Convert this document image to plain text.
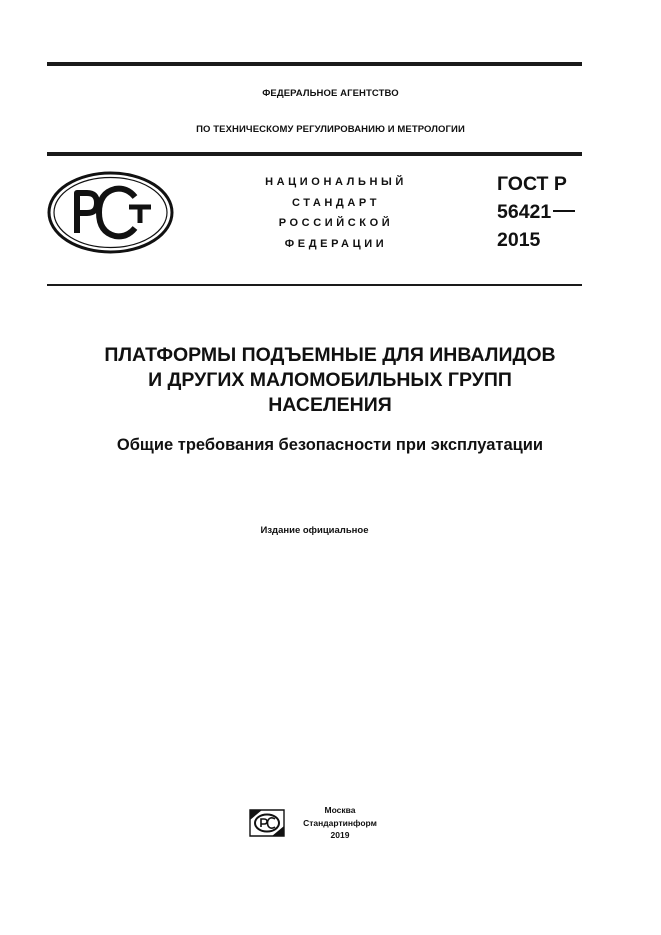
ФЕДЕРАЛЬНОЕ АГЕНТСТВО
ПО ТЕХНИЧЕСКОМУ РЕГУЛИРОВАНИЮ И МЕТРОЛОГИИ
НАЦИОНАЛЬНЫЙ
СТАНДАРТ
РОССИЙСКОЙ
ФЕДЕРАЦИИ
ГОСТ Р
56421
2015
ПЛАТФОРМЫ ПОДЪЕМНЫЕ ДЛЯ ИНВАЛИДОВ
И ДРУГИХ МАЛОМОБИЛЬНЫХ ГРУПП
НАСЕЛЕНИЯ
Общие требования безопасности при эксплуатации
Издание официальное
Москва
Стандартинформ
2019
